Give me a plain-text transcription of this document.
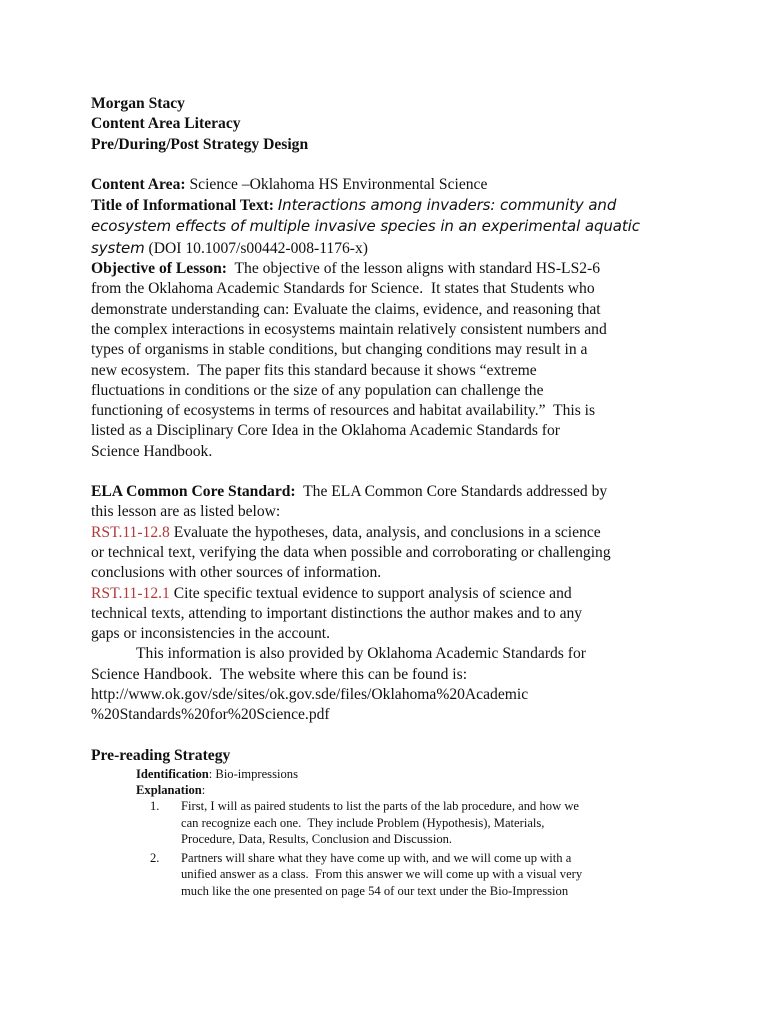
Morgan Stacy
Content Area Literacy
Pre/During/Post Strategy Design
Content Area: Science –Oklahoma HS Environmental Science
Title of Informational Text: Interactions among invaders: community and
ecosystem effects of multiple invasive species in an experimental aquatic
system (DOI 10.1007/s00442-008-1176-x)
Objective of Lesson:  The objective of the lesson aligns with standard HS-LS2-6
from the Oklahoma Academic Standards for Science.  It states that Students who
demonstrate understanding can: Evaluate the claims, evidence, and reasoning that
the complex interactions in ecosystems maintain relatively consistent numbers and
types of organisms in stable conditions, but changing conditions may result in a
new ecosystem.  The paper fits this standard because it shows “extreme
fluctuations in conditions or the size of any population can challenge the
functioning of ecosystems in terms of resources and habitat availability.”  This is
listed as a Disciplinary Core Idea in the Oklahoma Academic Standards for
Science Handbook.
ELA Common Core Standard:  The ELA Common Core Standards addressed by
this lesson are as listed below:
RST.11-12.8 Evaluate the hypotheses, data, analysis, and conclusions in a science
or technical text, verifying the data when possible and corroborating or challenging
conclusions with other sources of information.
RST.11-12.1 Cite specific textual evidence to support analysis of science and
technical texts, attending to important distinctions the author makes and to any
gaps or inconsistencies in the account.
This information is also provided by Oklahoma Academic Standards for
Science Handbook.  The website where this can be found is:
http://www.ok.gov/sde/sites/ok.gov.sde/files/Oklahoma%20Academic
%20Standards%20for%20Science.pdf
Pre-reading Strategy
Identification: Bio-impressions
Explanation:
1.	First, I will as paired students to list the parts of the lab procedure, and how we
can recognize each one.  They include Problem (Hypothesis), Materials,
Procedure, Data, Results, Conclusion and Discussion.
2.	Partners will share what they have come up with, and we will come up with a
unified answer as a class.  From this answer we will come up with a visual very
much like the one presented on page 54 of our text under the Bio-Impression
